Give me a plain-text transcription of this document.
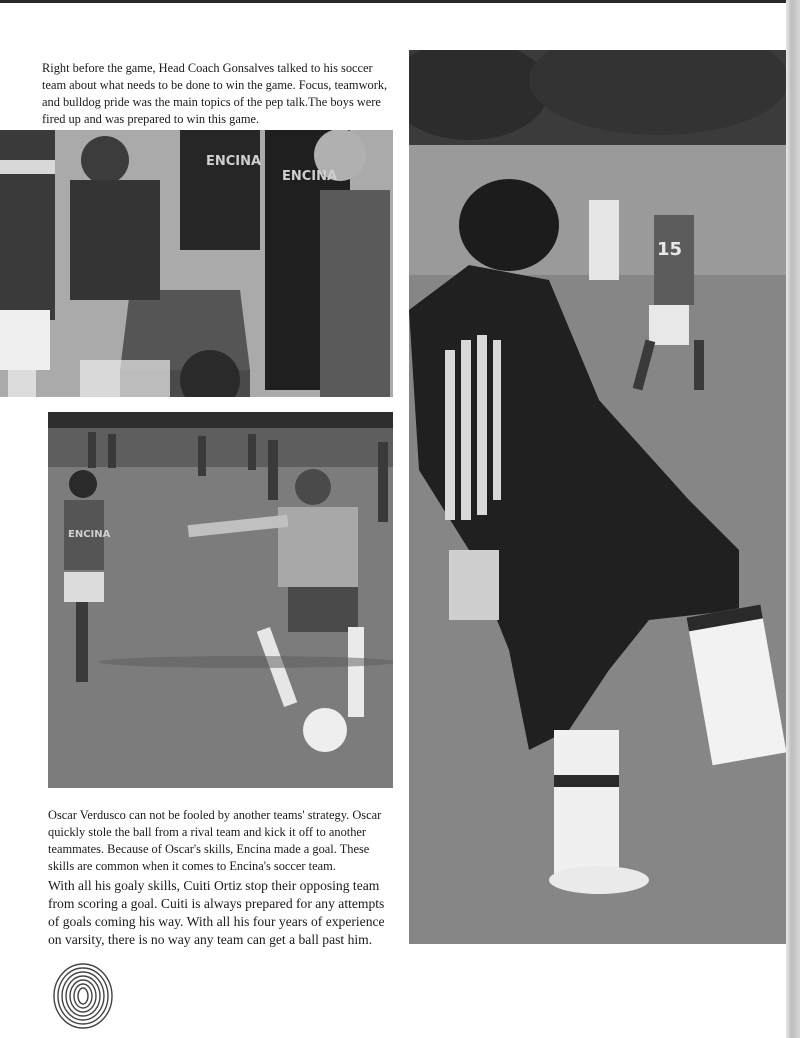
Right before the game, Head Coach Gonsalves talked to his soccer team about what needs to be done to win the game. Focus, teamwork, and bulldog pride was the main topics of the pep talk.The boys were fired up and was prepared to win this game.

ENCINA
ENCINA
ENCINA
15

Oscar Verdusco can not be fooled by another teams' strategy. Oscar quickly stole the ball from a rival team and kick it off to another teammates. Because of Oscar's skills, Encina made a goal. These skills are common when it comes to Encina's soccer team.

With all his goaly skills, Cuiti Ortiz stop their opposing team from scoring a goal. Cuiti is always prepared for any attempts of goals coming his way. With all his four years of experience on varsity, there is no way any team can get a ball past him.
